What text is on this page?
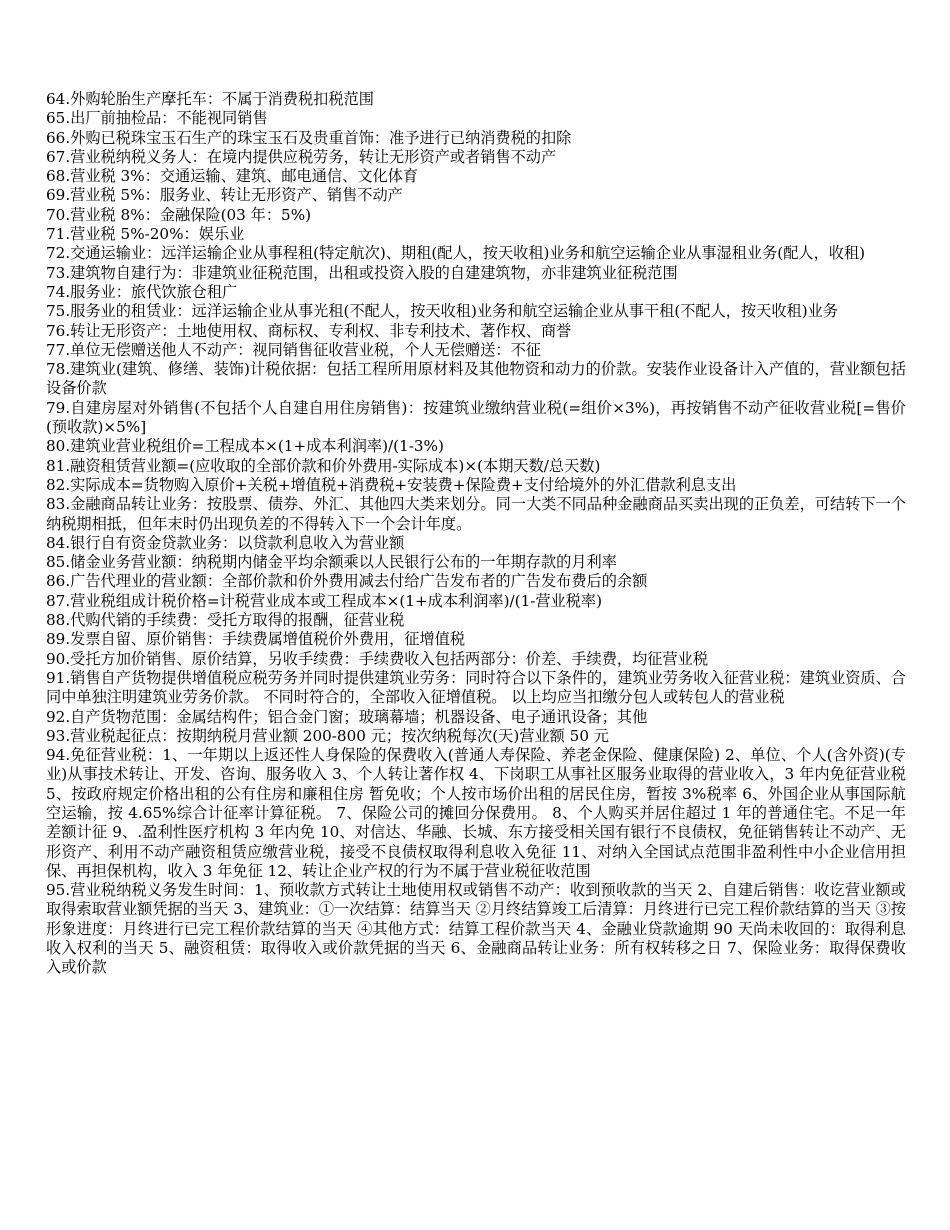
64.外购轮胎生产摩托车：不属于消费税扣税范围

65.出厂前抽检品：不能视同销售

66.外购已税珠宝玉石生产的珠宝玉石及贵重首饰：准予进行已纳消费税的扣除

67.营业税纳税义务人：在境内提供应税劳务，转让无形资产或者销售不动产

68.营业税 3%：交通运输、建筑、邮电通信、文化体育

69.营业税 5%：服务业、转让无形资产、销售不动产

70.营业税 8%：金融保险(03 年：5%)

71.营业税 5%-20%：娱乐业

72.交通运输业：远洋运输企业从事程租(特定航次)、期租(配人，按天收租)业务和航空运输企业从事湿租业务(配人，收租)

73.建筑物自建行为：非建筑业征税范围，出租或投资入股的自建建筑物，亦非建筑业征税范围

74.服务业：旅代饮旅仓租广

75.服务业的租赁业：远洋运输企业从事光租(不配人，按天收租)业务和航空运输企业从事干租(不配人，按天收租)业务

76.转让无形资产：土地使用权、商标权、专利权、非专利技术、著作权、商誉

77.单位无偿赠送他人不动产：视同销售征收营业税，个人无偿赠送：不征

78.建筑业(建筑、修缮、装饰)计税依据：包括工程所用原材料及其他物资和动力的价款。安装作业设备计入产值的，营业额包括设备价款

79.自建房屋对外销售(不包括个人自建自用住房销售)：按建筑业缴纳营业税(=组价×3%)，再按销售不动产征收营业税[=售价(预收款)×5%]

80.建筑业营业税组价=工程成本×(1+成本利润率)/(1-3%)

81.融资租赁营业额=(应收取的全部价款和价外费用-实际成本)×(本期天数/总天数)

82.实际成本=货物购入原价+关税+增值税+消费税+安装费+保险费+支付给境外的外汇借款利息支出

83.金融商品转让业务：按股票、债券、外汇、其他四大类来划分。同一大类不同品种金融商品买卖出现的正负差，可结转下一个纳税期相抵，但年末时仍出现负差的不得转入下一个会计年度。

84.银行自有资金贷款业务：以贷款利息收入为营业额

85.储金业务营业额：纳税期内储金平均余额乘以人民银行公布的一年期存款的月利率

86.广告代理业的营业额：全部价款和价外费用减去付给广告发布者的广告发布费后的余额

87.营业税组成计税价格=计税营业成本或工程成本×(1+成本利润率)/(1-营业税率)

88.代购代销的手续费：受托方取得的报酬，征营业税

89.发票自留、原价销售：手续费属增值税价外费用，征增值税

90.受托方加价销售、原价结算，另收手续费：手续费收入包括两部分：价差、手续费，均征营业税

91.销售自产货物提供增值税应税劳务并同时提供建筑业劳务：同时符合以下条件的，建筑业劳务收入征营业税：建筑业资质、合同中单独注明建筑业劳务价款。 不同时符合的，全部收入征增值税。 以上均应当扣缴分包人或转包人的营业税

92.自产货物范围：金属结构件；铝合金门窗；玻璃幕墙；机器设备、电子通讯设备；其他

93.营业税起征点：按期纳税月营业额 200-800 元；按次纳税每次(天)营业额 50 元

94.免征营业税：1、一年期以上返还性人身保险的保费收入(普通人寿保险、养老金保险、健康保险) 2、单位、个人(含外资)(专业)从事技术转让、开发、咨询、服务收入 3、个人转让著作权 4、下岗职工从事社区服务业取得的营业收入，3 年内免征营业税 5、按政府规定价格出租的公有住房和廉租住房 暂免收；个人按市场价出租的居民住房，暂按 3%税率 6、外国企业从事国际航空运输，按 4.65%综合计征率计算征税。 7、保险公司的摊回分保费用。 8、个人购买并居住超过 1 年的普通住宅。不足一年差额计征 9、.盈利性医疗机构 3 年内免 10、对信达、华融、长城、东方接受相关国有银行不良债权，免征销售转让不动产、无形资产、利用不动产融资租赁应缴营业税，接受不良债权取得利息收入免征 11、对纳入全国试点范围非盈利性中小企业信用担保、再担保机构，收入 3 年免征 12、转让企业产权的行为不属于营业税征收范围

95.营业税纳税义务发生时间：1、预收款方式转让土地使用权或销售不动产：收到预收款的当天 2、自建后销售：收讫营业额或取得索取营业额凭据的当天 3、建筑业：①一次结算：结算当天 ②月终结算竣工后清算：月终进行已完工程价款结算的当天 ③按形象进度：月终进行已完工程价款结算的当天 ④其他方式：结算工程价款当天 4、金融业贷款逾期 90 天尚未收回的：取得利息收入权利的当天 5、融资租赁：取得收入或价款凭据的当天 6、金融商品转让业务：所有权转移之日 7、保险业务：取得保费收入或价款
